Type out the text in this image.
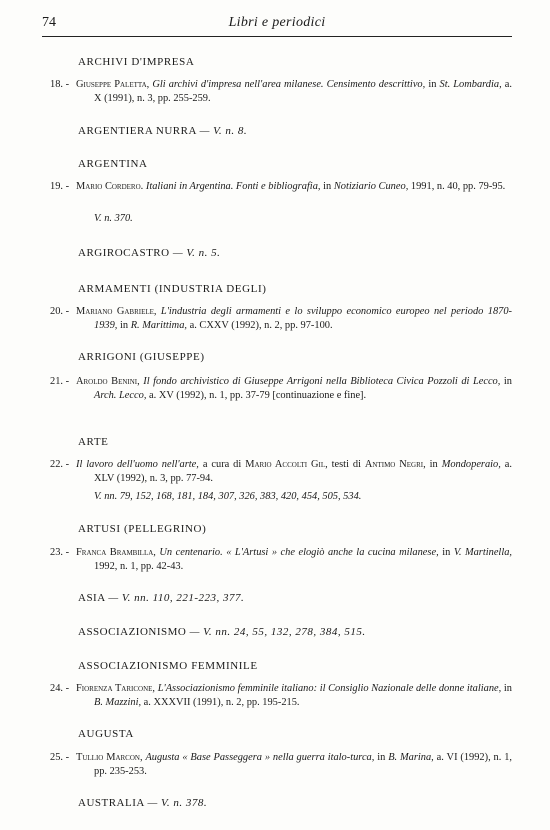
74	Libri e periodici
ARCHIVI D'IMPRESA
18. - Giuseppe Paletta, Gli archivi d'impresa nell'area milanese. Censimento descrittivo, in St. Lombardia, a. X (1991), n. 3, pp. 255-259.
ARGENTIERA NURRA — V. n. 8.
ARGENTINA
19. - Mario Cordero. Italiani in Argentina. Fonti e bibliografia, in Notiziario Cuneo, 1991, n. 40, pp. 79-95.
V. n. 370.
ARGIROCASTRO — V. n. 5.
ARMAMENTI (INDUSTRIA DEGLI)
20. - Mariano Gabriele, L'industria degli armamenti e lo sviluppo economico europeo nel periodo 1870-1939, in R. Marittima, a. CXXV (1992), n. 2, pp. 97-100.
ARRIGONI (GIUSEPPE)
21. - Aroldo Benini, Il fondo archivistico di Giuseppe Arrigoni nella Biblioteca Civica Pozzoli di Lecco, in Arch. Lecco, a. XV (1992), n. 1, pp. 37-79 [continuazione e fine].
ARTE
22. - Il lavoro dell'uomo nell'arte, a cura di Mario Accolti Gil, testi di Antimo Negri, in Mondoperaio, a. XLV (1992), n. 3, pp. 77-94.
V. nn. 79, 152, 168, 181, 184, 307, 326, 383, 420, 454, 505, 534.
ARTUSI (PELLEGRINO)
23. - Franca Brambilla, Un centenario. « L'Artusi » che elogiò anche la cucina milanese, in V. Martinella, 1992, n. 1, pp. 42-43.
ASIA — V. nn. 110, 221-223, 377.
ASSOCIAZIONISMO — V. nn. 24, 55, 132, 278, 384, 515.
ASSOCIAZIONISMO FEMMINILE
24. - Fiorenza Taricone, L'Associazionismo femminile italiano: il Consiglio Nazionale delle donne italiane, in B. Mazzini, a. XXXVII (1991), n. 2, pp. 195-215.
AUGUSTA
25. - Tullio Marcon, Augusta « Base Passeggera » nella guerra italo-turca, in B. Marina, a. VI (1992), n. 1, pp. 235-253.
AUSTRALIA — V. n. 378.
